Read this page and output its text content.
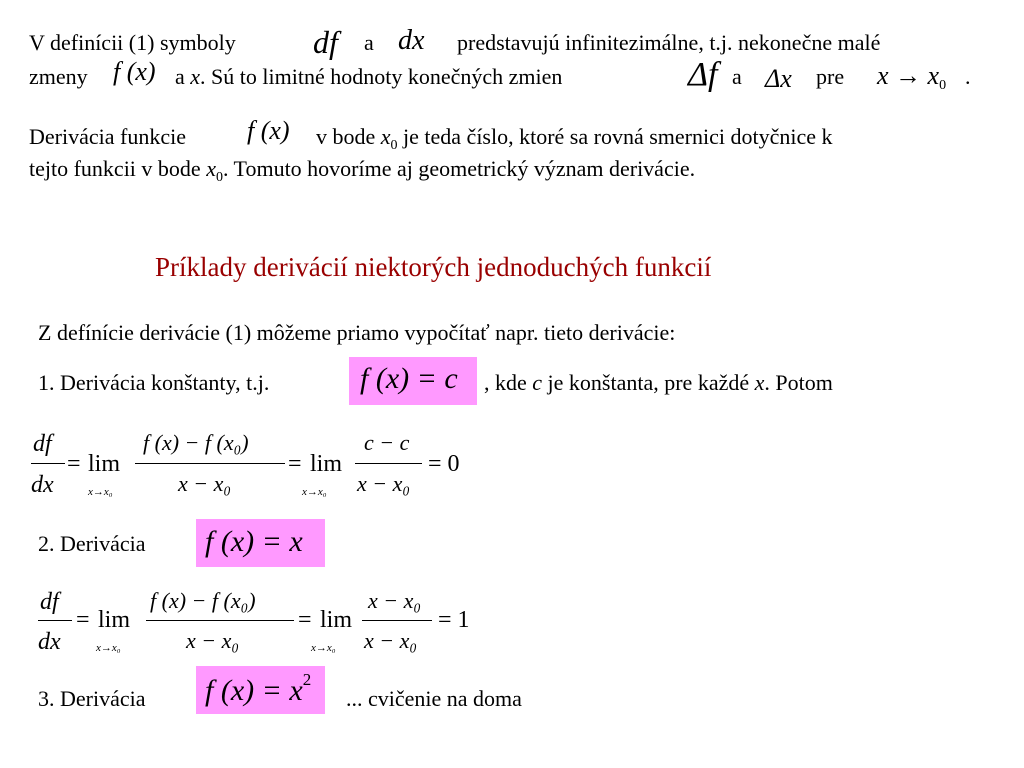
V definícii (1) symboly df a dx predstavujú infinitezimálne, t.j. nekonečne malé
zmeny f (x) a x. Sú to limitné hodnoty konečných zmien	Δf a Δx pre x → x0 .
Derivácia funkcie f (x) v bode $x_0$ je teda číslo, ktoré sa rovná smernici dotyčnice k
tejto funkcii v bode $x_0$. Tomuto hovoríme aj geometrický význam derivácie.
Príklady derivácií niektorých jednoduchých funkcií
Z defínície derivácie (1) môžeme priamo vypočítať napr. tieto derivácie:
1. Derivácia konštanty, t.j.	f (x) = c , kde c je konštanta, pre každé x. Potom
df
dx
= lim
x→x₀
f (x) − f (x₀)
x − x₀
= lim
x→x₀
c − c
x − x₀
= 0
2. Derivácia f (x) = x
df
dx
= lim
x→x₀
f (x) − f (x₀)
x − x₀
= lim
x→x₀
x − x₀
x − x₀
= 1
3. Derivácia f $(x) = x^2$
... cvičenie na doma
